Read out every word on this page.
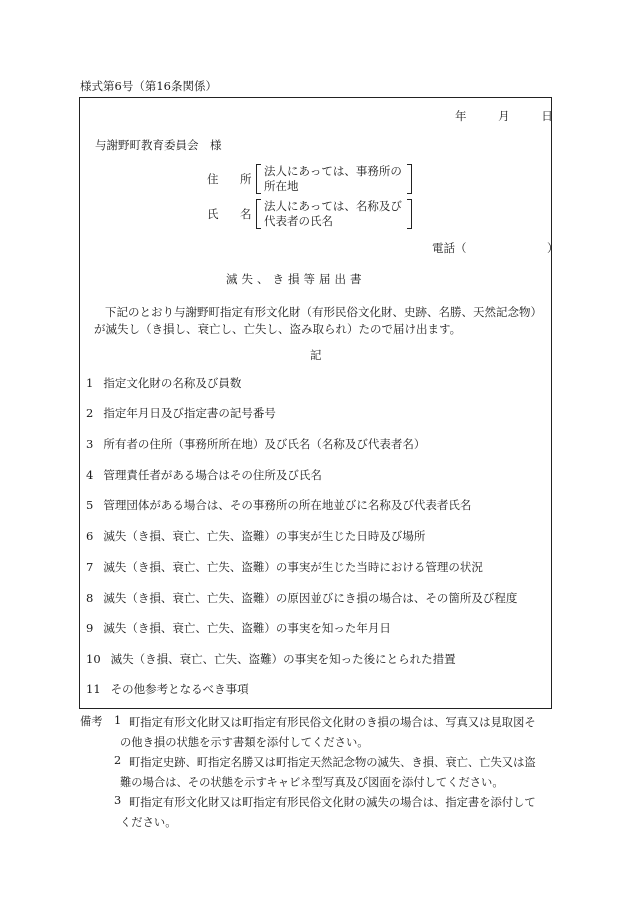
様式第6号（第16条関係）
年	月	日
与謝野町教育委員会　様
住 所
法人にあっては、事務所の
所在地
氏 名
法人にあっては、名称及び
代表者の氏名
電話（　　　　　　　）
滅失、き損等届出書
下記のとおり与謝野町指定有形文化財（有形民俗文化財、史跡、名勝、天然記念物）が滅失し（き損し、衰亡し、亡失し、盗み取られ）たので届け出ます。
記
1 指定文化財の名称及び員数
2 指定年月日及び指定書の記号番号
3 所有者の住所（事務所所在地）及び氏名（名称及び代表者名）
4 管理責任者がある場合はその住所及び氏名
5 管理団体がある場合は、その事務所の所在地並びに名称及び代表者氏名
6 滅失（き損、衰亡、亡失、盗難）の事実が生じた日時及び場所
7 滅失（き損、衰亡、亡失、盗難）の事実が生じた当時における管理の状況
8 滅失（き損、衰亡、亡失、盗難）の原因並びにき損の場合は、その箇所及び程度
9 滅失（き損、衰亡、亡失、盗難）の事実を知った年月日
10 滅失（き損、衰亡、亡失、盗難）の事実を知った後にとられた措置
11 その他参考となるべき事項
備考 1 町指定有形文化財又は町指定有形民俗文化財のき損の場合は、写真又は見取図そ
の他き損の状態を示す書類を添付してください。
2 町指定史跡、町指定名勝又は町指定天然記念物の滅失、き損、衰亡、亡失又は盗
難の場合は、その状態を示すキャビネ型写真及び図面を添付してください。
3 町指定有形文化財又は町指定有形民俗文化財の滅失の場合は、指定書を添付して
ください。
